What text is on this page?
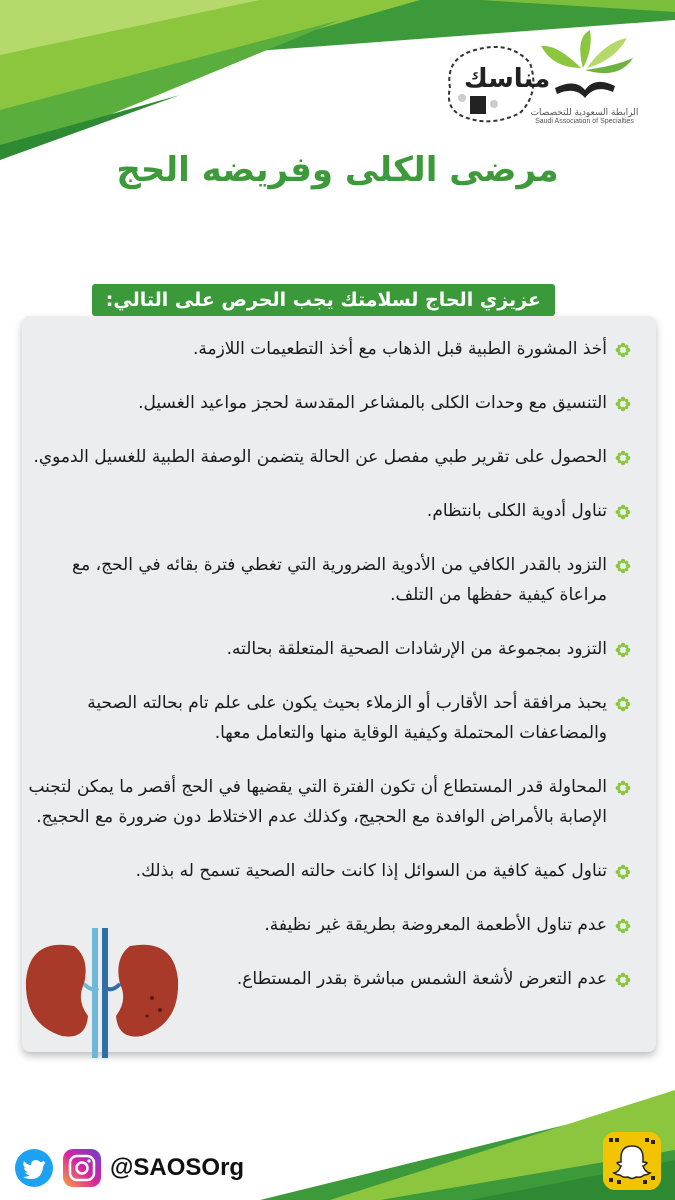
مناسك
الرابطة السعودية للتخصصات
Saudi Association of Specialties
مرضى الكلى وفريضه الحج
عزيزي الحاج لسلامتك يجب الحرص على التالي:
أخذ المشورة الطبية قبل الذهاب مع أخذ التطعيمات اللازمة.
التنسيق مع وحدات الكلى بالمشاعر المقدسة لحجز مواعيد الغسيل.
الحصول على تقرير طبي مفصل عن الحالة يتضمن الوصفة الطبية للغسيل الدموي.
تناول أدوية الكلى بانتظام.
التزود بالقدر الكافي من الأدوية الضرورية التي تغطي فترة بقائه في الحج، مع مراعاة كيفية حفظها من التلف.
التزود بمجموعة من الإرشادات الصحية المتعلقة بحالته.
يحبذ مرافقة أحد الأقارب أو الزملاء بحيث يكون على علم تام بحالته الصحية والمضاعفات المحتملة وكيفية الوقاية منها والتعامل معها.
المحاولة قدر المستطاع أن تكون الفترة التي يقضيها في الحج أقصر ما يمكن لتجنب الإصابة بالأمراض الوافدة مع الحجيج، وكذلك عدم الاختلاط دون ضرورة مع الحجيج.
تناول كمية كافية من السوائل إذا كانت حالته الصحية تسمح له بذلك.
عدم تناول الأطعمة المعروضة بطريقة غير نظيفة.
عدم التعرض لأشعة الشمس مباشرة بقدر المستطاع.
@SAOSOrg
